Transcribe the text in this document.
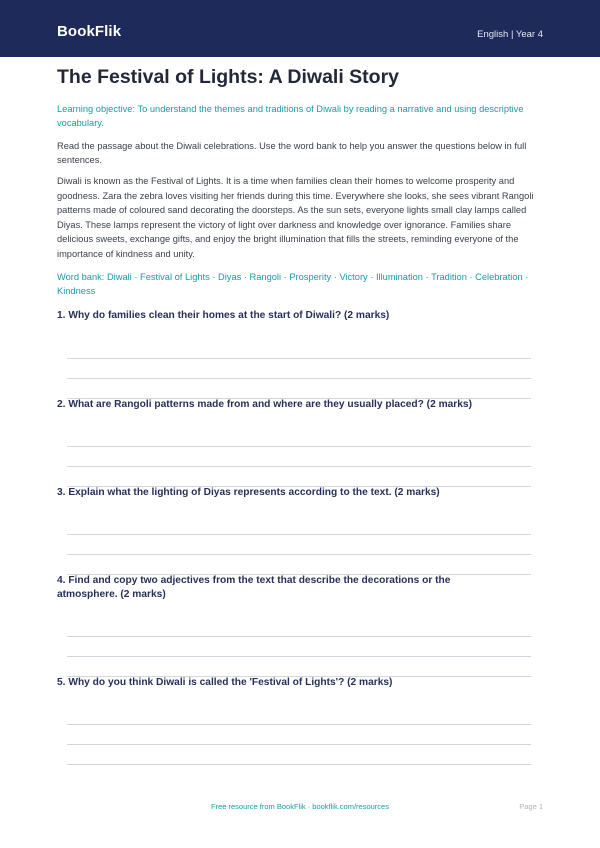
BookFlik	English | Year 4
The Festival of Lights: A Diwali Story
Learning objective: To understand the themes and traditions of Diwali by reading a narrative and using descriptive vocabulary.
Read the passage about the Diwali celebrations. Use the word bank to help you answer the questions below in full sentences.
Diwali is known as the Festival of Lights. It is a time when families clean their homes to welcome prosperity and goodness. Zara the zebra loves visiting her friends during this time. Everywhere she looks, she sees vibrant Rangoli patterns made of coloured sand decorating the doorsteps. As the sun sets, everyone lights small clay lamps called Diyas. These lamps represent the victory of light over darkness and knowledge over ignorance. Families share delicious sweets, exchange gifts, and enjoy the bright illumination that fills the streets, reminding everyone of the importance of kindness and unity.
Word bank: Diwali · Festival of Lights · Diyas · Rangoli · Prosperity · Victory · Illumination · Tradition · Celebration · Kindness
1. Why do families clean their homes at the start of Diwali? (2 marks)
2. What are Rangoli patterns made from and where are they usually placed? (2 marks)
3. Explain what the lighting of Diyas represents according to the text. (2 marks)
4. Find and copy two adjectives from the text that describe the decorations or the atmosphere. (2 marks)
5. Why do you think Diwali is called the 'Festival of Lights'? (2 marks)
Free resource from BookFlik · bookflik.com/resources	Page 1
